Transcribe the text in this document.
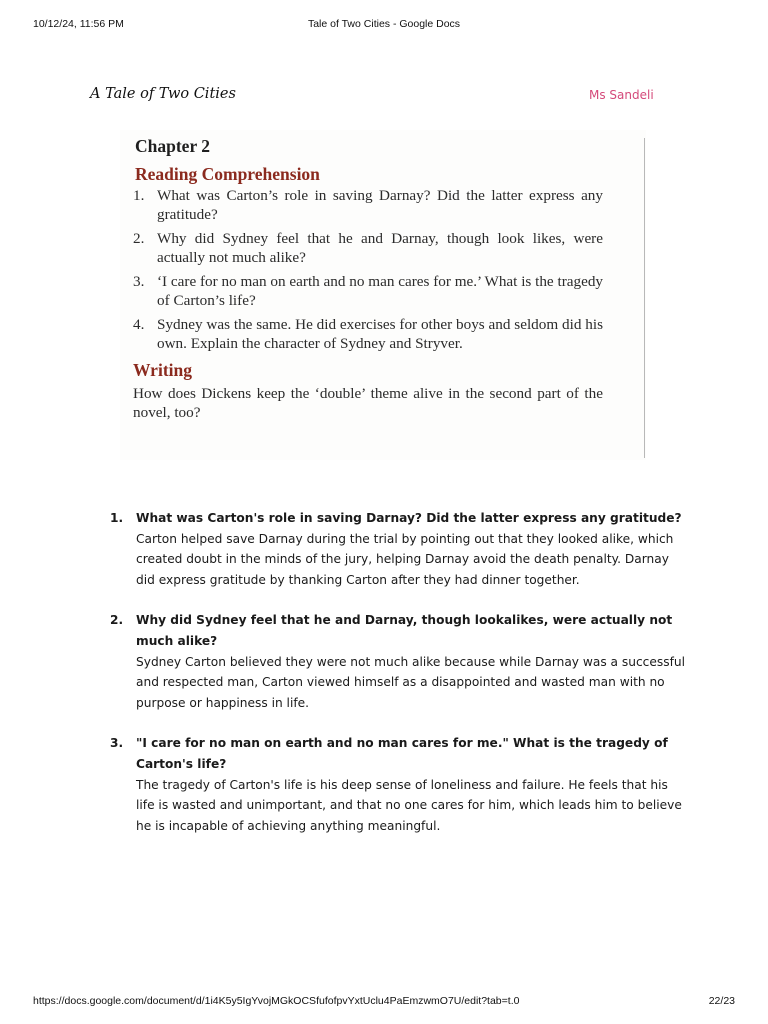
10/12/24, 11:56 PM	Tale of Two Cities - Google Docs
A Tale of Two Cities	Ms Sandeli
Chapter 2
Reading Comprehension
1. What was Carton’s role in saving Darnay? Did the latter express any gratitude?
2. Why did Sydney feel that he and Darnay, though look likes, were actually not much alike?
3. ‘I care for no man on earth and no man cares for me.’ What is the tragedy of Carton’s life?
4. Sydney was the same. He did exercises for other boys and seldom did his own. Explain the character of Sydney and Stryver.
Writing
How does Dickens keep the ‘double’ theme alive in the second part of the novel, too?
1.	What was Carton's role in saving Darnay? Did the latter express any gratitude?
Carton helped save Darnay during the trial by pointing out that they looked alike, which created doubt in the minds of the jury, helping Darnay avoid the death penalty. Darnay did express gratitude by thanking Carton after they had dinner together.
2.	Why did Sydney feel that he and Darnay, though lookalikes, were actually not much alike?
Sydney Carton believed they were not much alike because while Darnay was a successful and respected man, Carton viewed himself as a disappointed and wasted man with no purpose or happiness in life.
3.	"I care for no man on earth and no man cares for me." What is the tragedy of Carton's life?
The tragedy of Carton's life is his deep sense of loneliness and failure. He feels that his life is wasted and unimportant, and that no one cares for him, which leads him to believe he is incapable of achieving anything meaningful.
https://docs.google.com/document/d/1i4K5y5IgYvojMGkOCSfufofpvYxtUclu4PaEmzwmO7U/edit?tab=t.0	22/23
